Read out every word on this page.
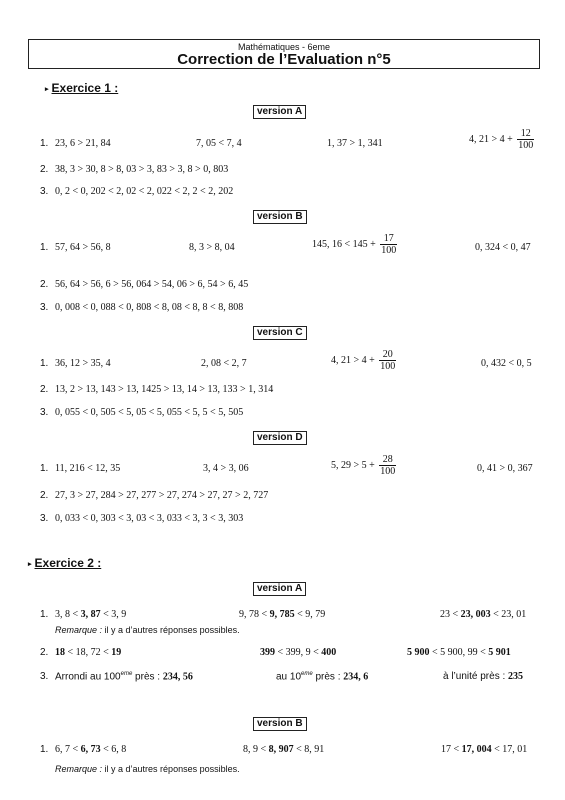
Mathématiques - 6eme
Correction de l’Evaluation n°5
▸ Exercice 1 :
version A
1. 23, 6 > 21, 84	7, 05 < 7, 4	1, 37 > 1, 341	4, $21 > 4 + \frac{12}{100}$
2. 38, 3 > 30, 8 > 8, 03 > 3, 83 > 3, 8 > 0, 803
3. 0, 2 < 0, 202 < 2, 02 < 2, 022 < 2, 2 < 2, 202
version B
1. 57, 64 > 56, 8	8, 3 > 8, 04	145, $16 < 145 + \frac{17}{100}$	0, 324 < 0, 47
2. 56, 64 > 56, 6 > 56, 064 > 54, 06 > 6, 54 > 6, 45
3. 0, 008 < 0, 088 < 0, 808 < 8, 08 < 8, 8 < 8, 808
version C
1. 36, 12 > 35, 4	2, 08 < 2, 7	4, $21 > 4 + \frac{20}{100}$	0, 432 < 0, 5
2. 13, 2 > 13, 143 > 13, 1425 > 13, 14 > 13, 133 > 1, 314
3. 0, 055 < 0, 505 < 5, 05 < 5, 055 < 5, 5 < 5, 505
version D
1. 11, 216 < 12, 35	3, 4 > 3, 06	5, $29 > 5 + \frac{28}{100}$	0, 41 > 0, 367
2. 27, 3 > 27, 284 > 27, 277 > 27, 274 > 27, 27 > 2, 727
3. 0, 033 < 0, 303 < 3, 03 < 3, 033 < 3, 3 < 3, 303
▸ Exercice 2 :
version A
1. 3, 8 < 3, 87 < 3, 9	9, 78 < 9, 785 < 9, 79	23 < 23, 003 < 23, 01
Remarque : il y a d’autres réponses possibles.
2. 18 < 18, 72 < 19	399 < 399, 9 < 400	5 900 < 5 900, 99 < 5 901
3. Arrondi au 100eme près : 234, 56	au 10eme près : 234, 6	à l’unité près : 235
version B
1. 6, 7 < 6, 73 < 6, 8	8, 9 < 8, 907 < 8, 91	17 < 17, 004 < 17, 01
Remarque : il y a d’autres réponses possibles.
